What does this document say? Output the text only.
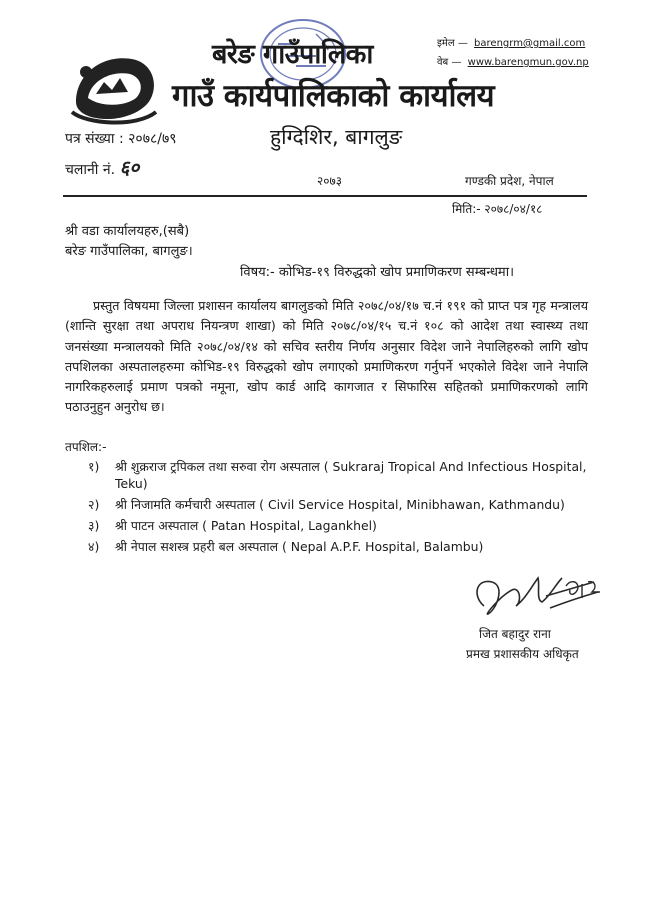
बरेङ गाउँपालिका
गाउँ कार्यपालिकाको कार्यालय
इमेल — barengrm@gmail.com
वेब — www.barengmun.gov.np
पत्र संख्या : २०७८/७९	हुग्दिशिर, बागलुङ
चलानी नं. ६०
२०७३	गण्डकी प्रदेश, नेपाल
मिति:- २०७८/०४/१८
श्री वडा कार्यालयहरु,(सबै)
बरेङ गाउँपालिका, बागलुङ।
विषय:- कोभिड-१९ विरुद्धको खोप प्रमाणिकरण सम्बन्धमा।
प्रस्तुत विषयमा जिल्ला प्रशासन कार्यालय बागलुङको मिति २०७८/०४/१७ च.नं १९१ को प्राप्त पत्र गृह मन्त्रालय (शान्ति सुरक्षा तथा अपराध नियन्त्रण शाखा) को मिति २०७८/०४/१५ च.नं १०८ को आदेश तथा स्वास्थ्य तथा जनसंख्या मन्त्रालयको मिति २०७८/०४/१४ को सचिव स्तरीय निर्णय अनुसार विदेश जाने नेपालिहरुको लागि खोप तपशिलका अस्पतालहरुमा कोभिड-१९ विरुद्धको खोप लगाएको प्रमाणिकरण गर्नुपर्ने भएकोले विदेश जाने नेपालि नागरिकहरुलाई प्रमाण पत्रको नमूना, खोप कार्ड आदि कागजात र सिफारिस सहितको प्रमाणिकरणको लागि पठाउनुहुन अनुरोध छ।
तपशिल:-
१)	श्री शुक्रराज ट्रपिकल तथा सरुवा रोग अस्पताल ( Sukraraj Tropical And Infectious Hospital, Teku)
२)	श्री निजामति कर्मचारी अस्पताल ( Civil Service Hospital, Minibhawan, Kathmandu)
३)	श्री पाटन अस्पताल ( Patan Hospital, Lagankhel)
४)	श्री नेपाल सशस्त्र प्रहरी बल अस्पताल ( Nepal A.P.F. Hospital, Balambu)
जित बहादुर राना
प्रमख प्रशासकीय अधिकृत
